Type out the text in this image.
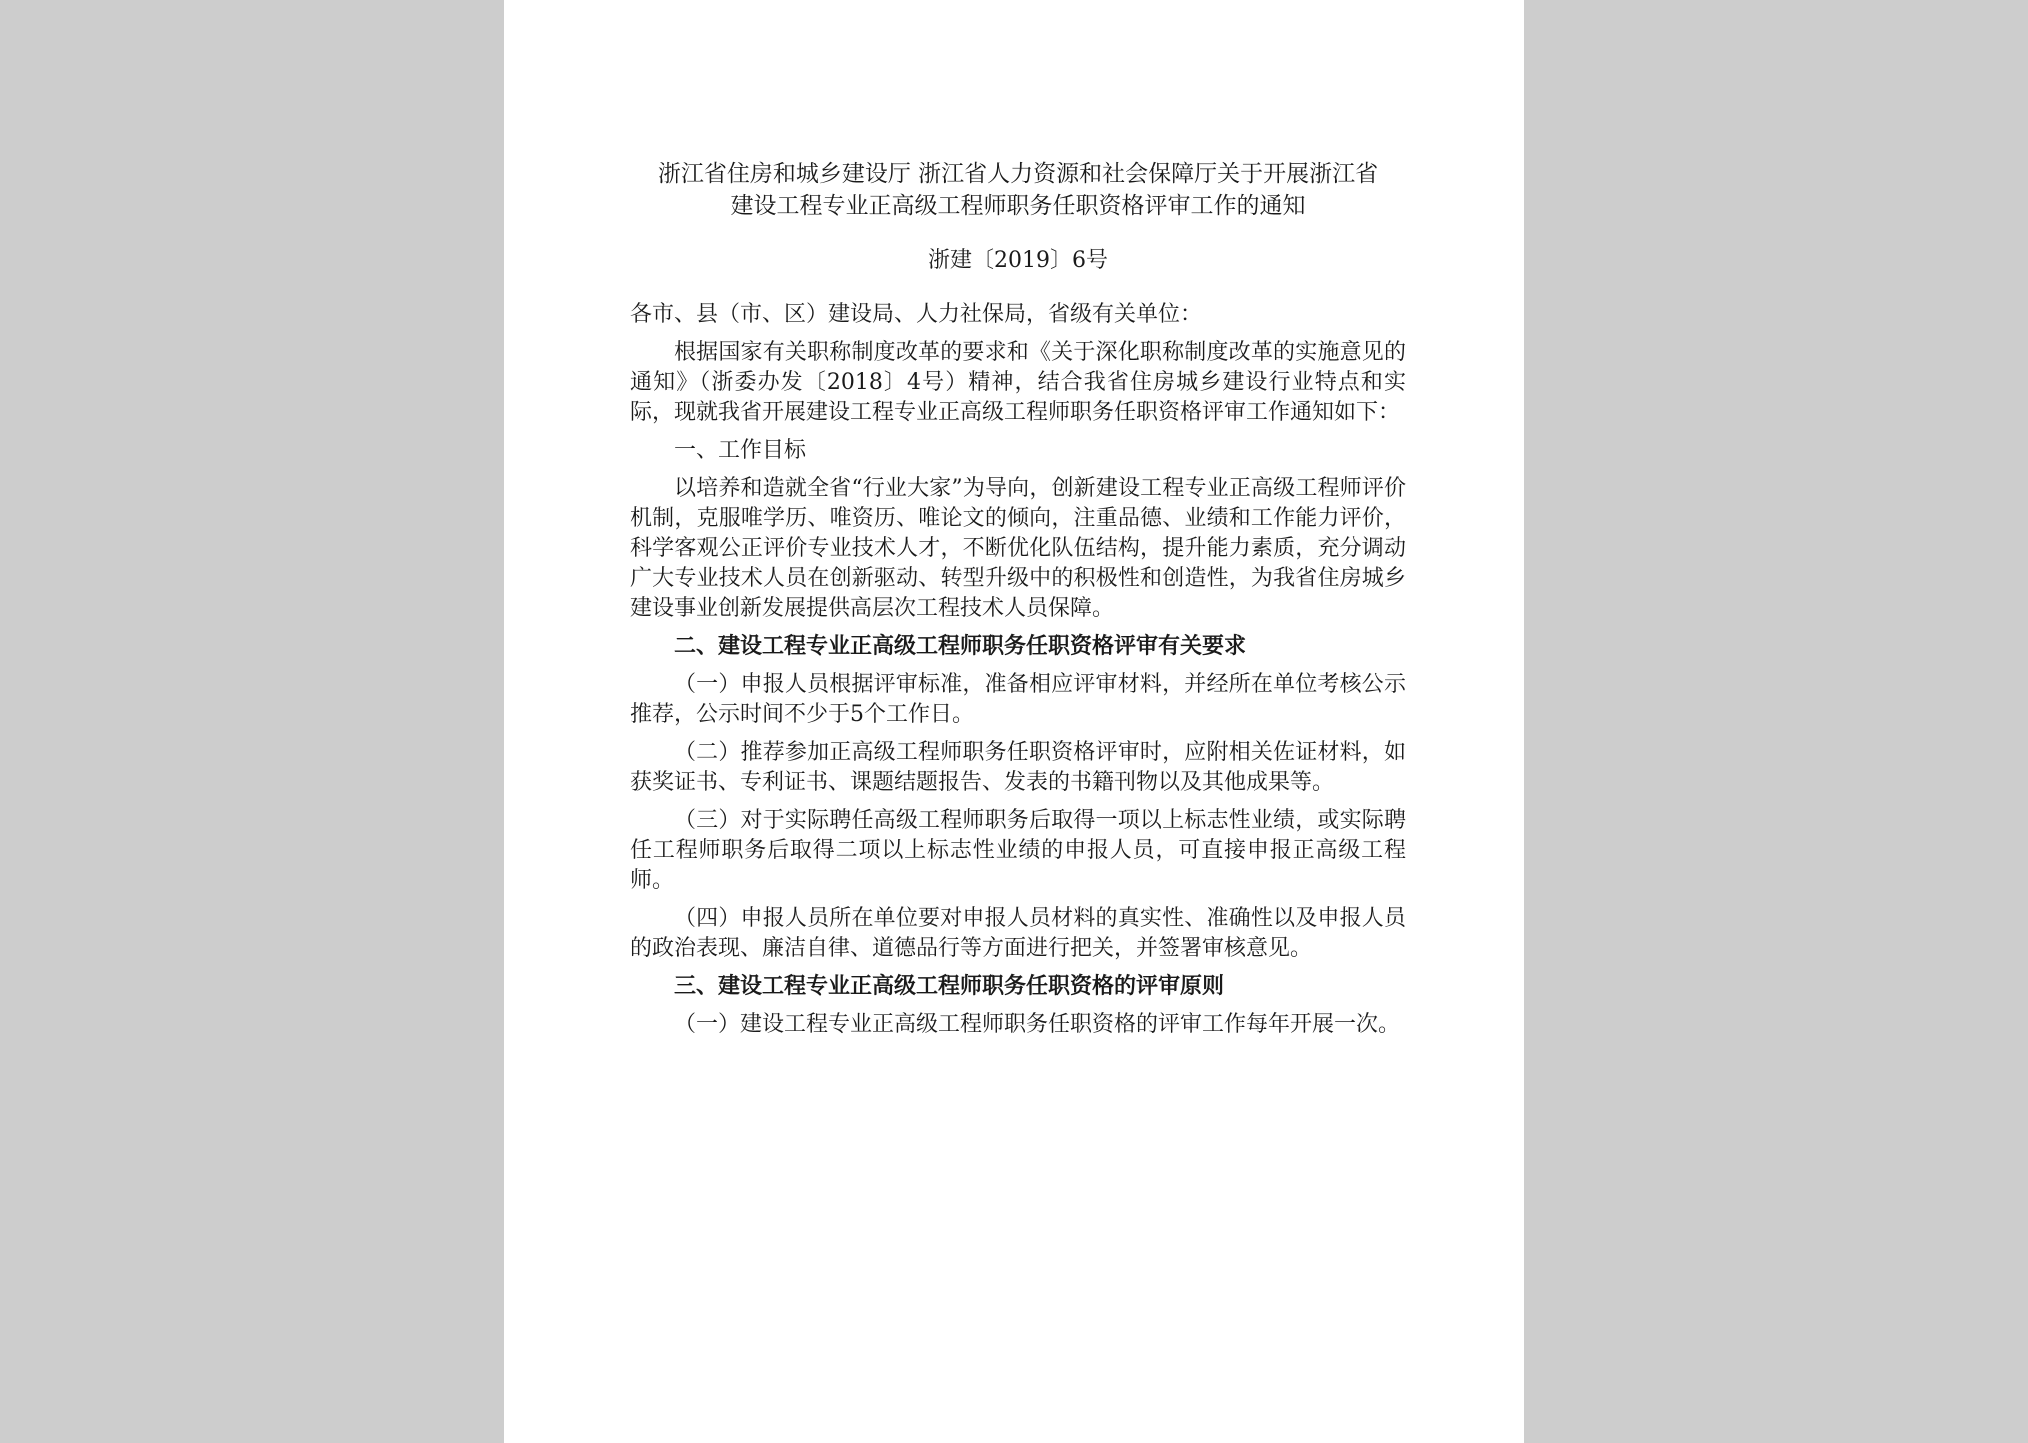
浙江省住房和城乡建设厅 浙江省人力资源和社会保障厅关于开展浙江省
建设工程专业正高级工程师职务任职资格评审工作的通知
浙建〔2019〕6号
各市、县（市、区）建设局、人力社保局，省级有关单位：
根据国家有关职称制度改革的要求和《关于深化职称制度改革的实施意见的通知》（浙委办发〔2018〕4号）精神，结合我省住房城乡建设行业特点和实际，现就我省开展建设工程专业正高级工程师职务任职资格评审工作通知如下：
一、工作目标
以培养和造就全省“行业大家”为导向，创新建设工程专业正高级工程师评价机制，克服唯学历、唯资历、唯论文的倾向，注重品德、业绩和工作能力评价，科学客观公正评价专业技术人才，不断优化队伍结构，提升能力素质，充分调动广大专业技术人员在创新驱动、转型升级中的积极性和创造性，为我省住房城乡建设事业创新发展提供高层次工程技术人员保障。
二、建设工程专业正高级工程师职务任职资格评审有关要求
（一）申报人员根据评审标准，准备相应评审材料，并经所在单位考核公示推荐，公示时间不少于5个工作日。
（二）推荐参加正高级工程师职务任职资格评审时，应附相关佐证材料，如获奖证书、专利证书、课题结题报告、发表的书籍刊物以及其他成果等。
（三）对于实际聘任高级工程师职务后取得一项以上标志性业绩，或实际聘任工程师职务后取得二项以上标志性业绩的申报人员，可直接申报正高级工程师。
（四）申报人员所在单位要对申报人员材料的真实性、准确性以及申报人员的政治表现、廉洁自律、道德品行等方面进行把关，并签署审核意见。
三、建设工程专业正高级工程师职务任职资格的评审原则
（一）建设工程专业正高级工程师职务任职资格的评审工作每年开展一次。
